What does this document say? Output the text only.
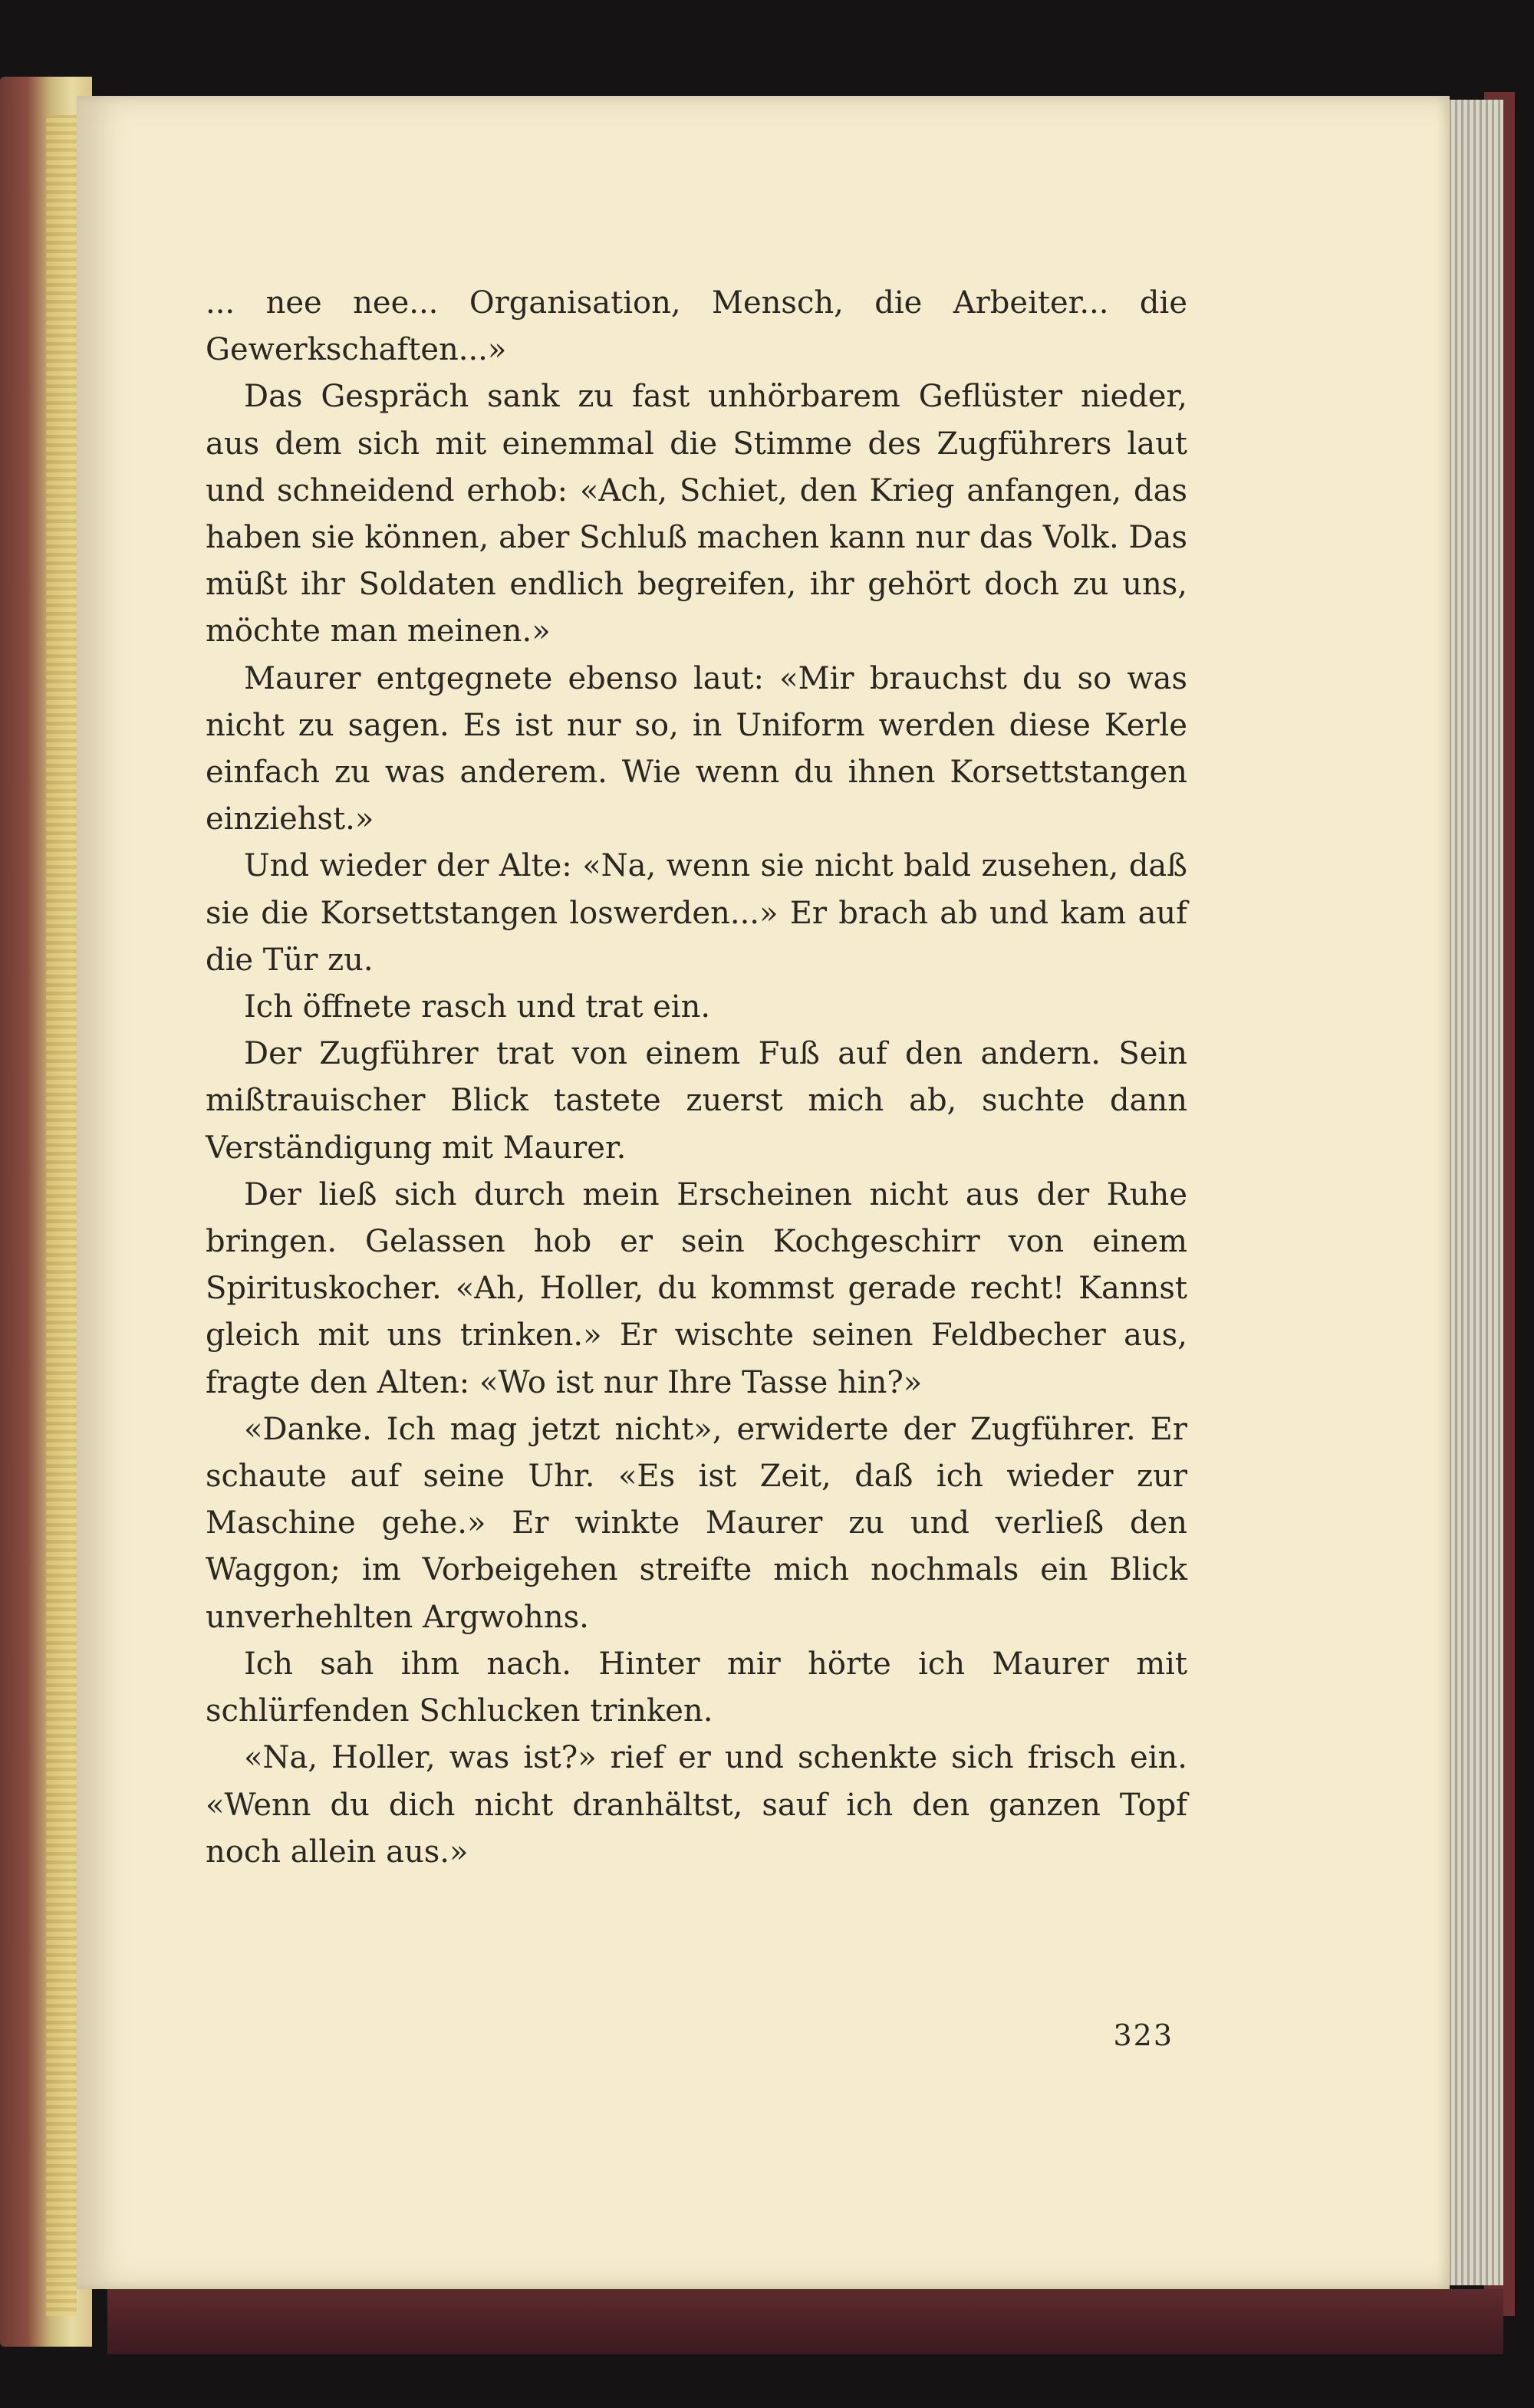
... nee nee... Organisation, Mensch, die Arbeiter... die Gewerkschaften...»

Das Gespräch sank zu fast unhörbarem Geflüster nieder, aus dem sich mit einemmal die Stimme des Zugführers laut und schneidend erhob: «Ach, Schiet, den Krieg anfangen, das haben sie können, aber Schluß machen kann nur das Volk. Das müßt ihr Soldaten endlich begreifen, ihr gehört doch zu uns, möchte man meinen.»

Maurer entgegnete ebenso laut: «Mir brauchst du so was nicht zu sagen. Es ist nur so, in Uniform werden diese Kerle einfach zu was anderem. Wie wenn du ihnen Korsettstangen einziehst.»

Und wieder der Alte: «Na, wenn sie nicht bald zusehen, daß sie die Korsettstangen loswerden...» Er brach ab und kam auf die Tür zu.

Ich öffnete rasch und trat ein.

Der Zugführer trat von einem Fuß auf den andern. Sein mißtrauischer Blick tastete zuerst mich ab, suchte dann Verständigung mit Maurer.

Der ließ sich durch mein Erscheinen nicht aus der Ruhe bringen. Gelassen hob er sein Kochgeschirr von einem Spirituskocher. «Ah, Holler, du kommst gerade recht! Kannst gleich mit uns trinken.» Er wischte seinen Feldbecher aus, fragte den Alten: «Wo ist nur Ihre Tasse hin?»

«Danke. Ich mag jetzt nicht», erwiderte der Zugführer. Er schaute auf seine Uhr. «Es ist Zeit, daß ich wieder zur Maschine gehe.» Er winkte Maurer zu und verließ den Waggon; im Vorbeigehen streifte mich nochmals ein Blick unverhehlten Argwohns.

Ich sah ihm nach. Hinter mir hörte ich Maurer mit schlürfenden Schlucken trinken.

«Na, Holler, was ist?» rief er und schenkte sich frisch ein. «Wenn du dich nicht dranhältst, sauf ich den ganzen Topf noch allein aus.»

323
